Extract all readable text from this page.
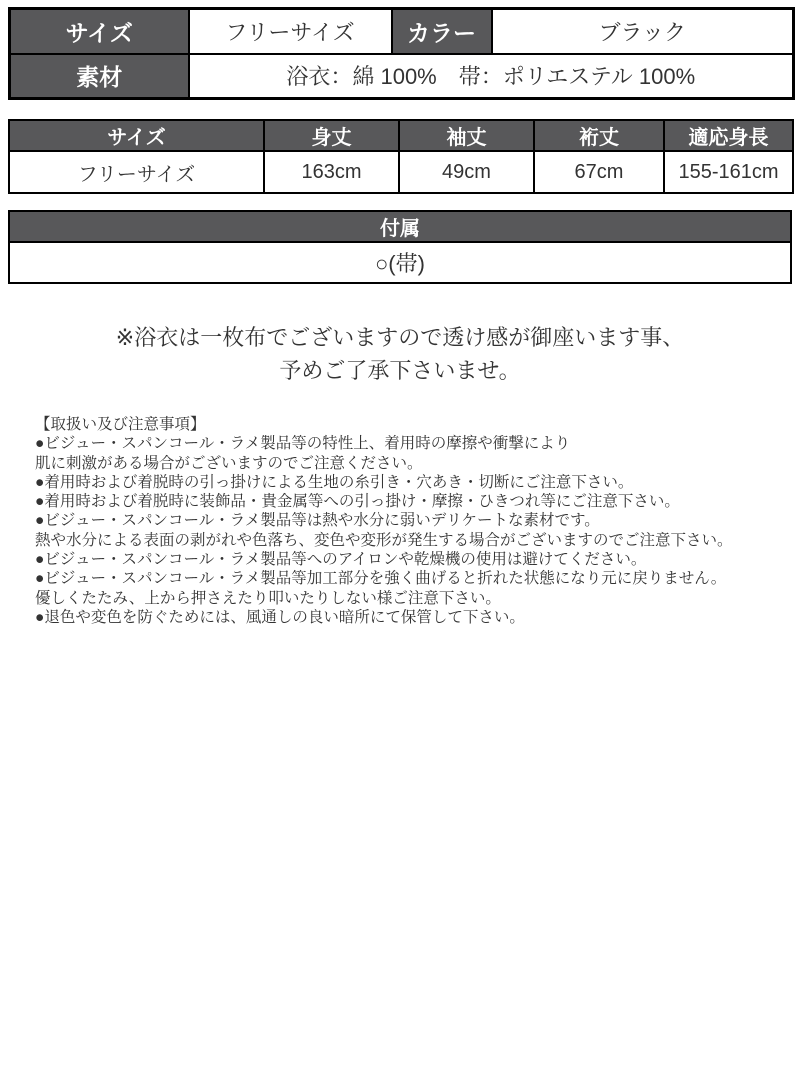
サイズ	フリーサイズ	カラー	ブラック
素材	浴衣：綿 100%　帯：ポリエステル 100%		
サイズ	身丈	袖丈	裄丈	適応身長
フリーサイズ	163cm	49cm	67cm	155-161cm
付属
○(帯)
※浴衣は一枚布でございますので透け感が御座います事、
予めご了承下さいませ。
【取扱い及び注意事項】
●ビジュー・スパンコール・ラメ製品等の特性上、着用時の摩擦や衝撃により
肌に刺激がある場合がございますのでご注意ください。
●着用時および着脱時の引っ掛けによる生地の糸引き・穴あき・切断にご注意下さい。
●着用時および着脱時に装飾品・貴金属等への引っ掛け・摩擦・ひきつれ等にご注意下さい。
●ビジュー・スパンコール・ラメ製品等は熱や水分に弱いデリケートな素材です。
熱や水分による表面の剥がれや色落ち、変色や変形が発生する場合がございますのでご注意下さい。
●ビジュー・スパンコール・ラメ製品等へのアイロンや乾燥機の使用は避けてください。
●ビジュー・スパンコール・ラメ製品等加工部分を強く曲げると折れた状態になり元に戻りません。
優しくたたみ、上から押さえたり叩いたりしない様ご注意下さい。
●退色や変色を防ぐためには、風通しの良い暗所にて保管して下さい。
